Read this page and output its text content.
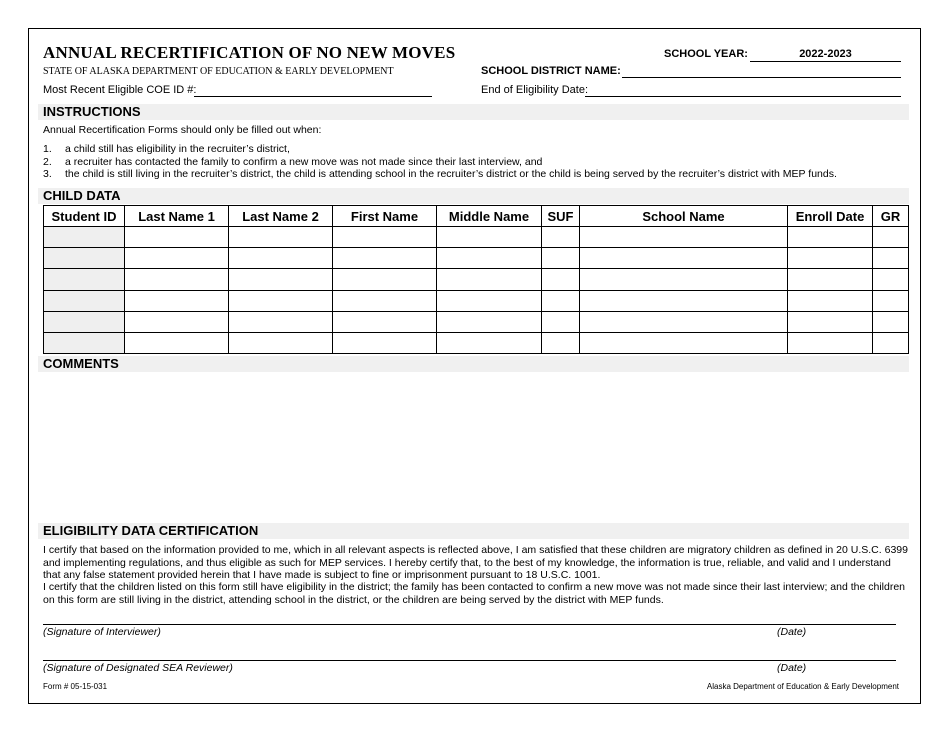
ANNUAL RECERTIFICATION OF NO NEW MOVES
STATE OF ALASKA DEPARTMENT OF EDUCATION & EARLY DEVELOPMENT
SCHOOL YEAR:	2022-2023
SCHOOL DISTRICT NAME:
Most Recent Eligible COE ID #:	End of Eligibility Date:
INSTRUCTIONS
Annual Recertification Forms should only be filled out when:
1. a child still has eligibility in the recruiter’s district,
2. a recruiter has contacted the family to confirm a new move was not made since their last interview, and
3. the child is still living in the recruiter’s district, the child is attending school in the recruiter’s district or the child is being served by the recruiter’s district with MEP funds.
CHILD DATA
Student ID	Last Name 1	Last Name 2	First Name	Middle Name	SUF	School Name	Enroll Date	GR

COMMENTS
ELIGIBILITY DATA CERTIFICATION
I certify that based on the information provided to me, which in all relevant aspects is reflected above, I am satisfied that these children are migratory children as defined in 20 U.S.C. 6399 and implementing regulations, and thus eligible as such for MEP services. I hereby certify that, to the best of my knowledge, the information is true, reliable, and valid and I understand that any false statement provided herein that I have made is subject to fine or imprisonment pursuant to 18 U.S.C. 1001.
I certify that the children listed on this form still have eligibility in the district; the family has been contacted to confirm a new move was not made since their last interview; and the children on this form are still living in the district, attending school in the district, or the children are being served by the district with MEP funds.
(Signature of Interviewer)	(Date)
(Signature of Designated SEA Reviewer)	(Date)
Form # 05-15-031	Alaska Department of Education & Early Development
